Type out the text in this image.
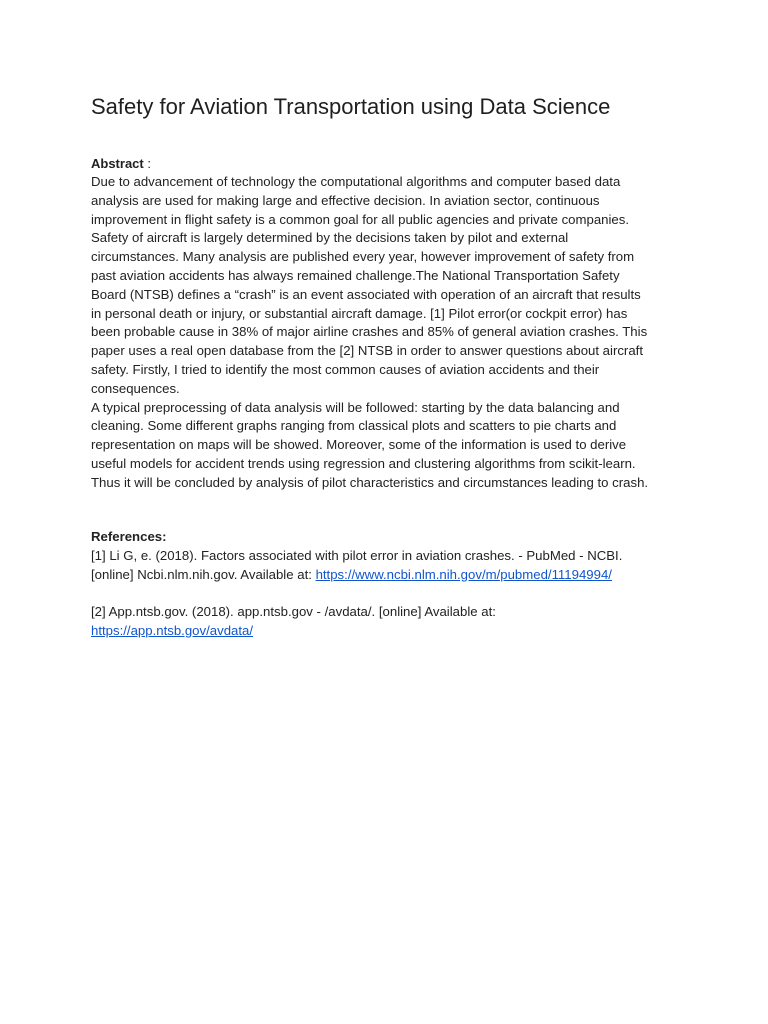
Safety for Aviation Transportation using Data Science

Abstract :

Due to advancement of technology the computational algorithms and computer based data
analysis are used for making large and effective decision. In aviation sector, continuous
improvement in flight safety is a common goal for all public agencies and private companies.
Safety of aircraft is largely determined by the decisions taken by pilot and external
circumstances. Many analysis are published every year, however improvement of safety from
past aviation accidents has always remained challenge.The National Transportation Safety
Board (NTSB) defines a “crash” is an event associated with operation of an aircraft that results
in personal death or injury, or substantial aircraft damage. [1] Pilot error(or cockpit error) has
been probable cause in 38% of major airline crashes and 85% of general aviation crashes. This
paper uses a real open database from the [2] NTSB in order to answer questions about aircraft
safety. Firstly, I tried to identify the most common causes of aviation accidents and their
consequences.

A typical preprocessing of data analysis will be followed: starting by the data balancing and
cleaning. Some different graphs ranging from classical plots and scatters to pie charts and
representation on maps will be showed. Moreover, some of the information is used to derive
useful models for accident trends using regression and clustering algorithms from scikit-learn.
Thus it will be concluded by analysis of pilot characteristics and circumstances leading to crash.

References:

[1] Li G, e. (2018). Factors associated with pilot error in aviation crashes. - PubMed - NCBI.
[online] Ncbi.nlm.nih.gov. Available at: https://www.ncbi.nlm.nih.gov/m/pubmed/11194994/

[2] App.ntsb.gov. (2018). app.ntsb.gov - /avdata/. [online] Available at:
https://app.ntsb.gov/avdata/
